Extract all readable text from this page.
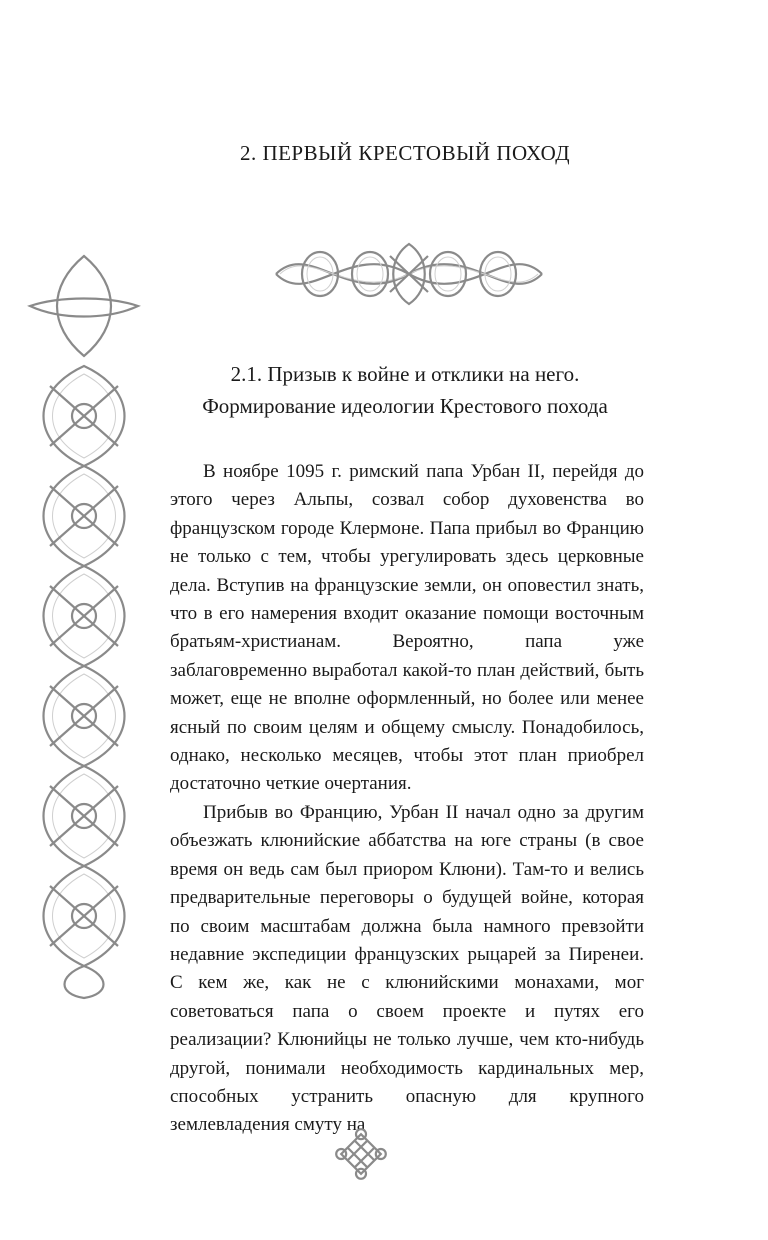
2. ПЕРВЫЙ КРЕСТОВЫЙ ПОХОД
2.1. Призыв к войне и отклики на него.
Формирование идеологии Крестового похода

В ноябре 1095 г. римский папа Урбан II, перейдя до этого через Альпы, созвал собор духовенства во французском городе Клермоне. Папа прибыл во Францию не только с тем, чтобы урегулировать здесь церковные дела. Вступив на французские земли, он оповестил знать, что в его намерения входит оказание помощи восточным братьям-христианам. Вероятно, папа уже заблаговременно выработал какой-то план действий, быть может, еще не вполне оформленный, но более или менее ясный по своим целям и общему смыслу. Понадобилось, однако, несколько месяцев, чтобы этот план приобрел достаточно четкие очертания.

Прибыв во Францию, Урбан II начал одно за другим объезжать клюнийские аббатства на юге страны (в свое время он ведь сам был приором Клюни). Там-то и велись предварительные переговоры о будущей войне, которая по своим масштабам должна была намного превзойти недавние экспедиции французских рыцарей за Пиренеи. С кем же, как не с клюнийскими монахами, мог советоваться папа о своем проекте и путях его реализации? Клюнийцы не только лучше, чем кто-нибудь другой, понимали необходимость кардинальных мер, способных устранить опасную для крупного землевладения смуту на
